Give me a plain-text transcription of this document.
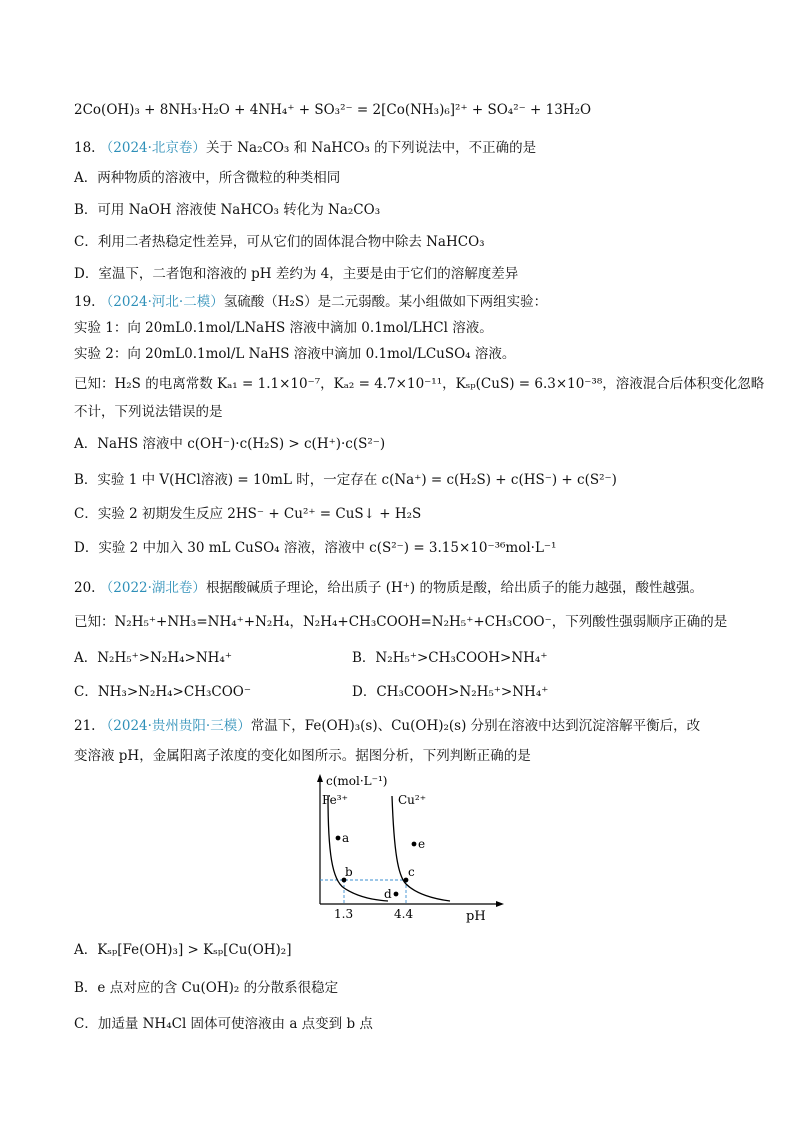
2Co(OH)₃ + 8NH₃·H₂O + 4NH₄⁺ + SO₃²⁻ = 2[Co(NH₃)₆]²⁺ + SO₄²⁻ + 13H₂O
18. （2024·北京卷）关于 Na₂CO₃ 和 NaHCO₃ 的下列说法中，不正确的是
A．两种物质的溶液中，所含微粒的种类相同
B．可用 NaOH 溶液使 NaHCO₃ 转化为 Na₂CO₃
C．利用二者热稳定性差异，可从它们的固体混合物中除去 NaHCO₃
D．室温下，二者饱和溶液的 pH 差约为 4，主要是由于它们的溶解度差异
19. （2024·河北·二模）氢硫酸（H₂S）是二元弱酸。某小组做如下两组实验：
实验 1：向 20mL0.1mol/LNaHS 溶液中滴加 0.1mol/LHCl 溶液。
实验 2：向 20mL0.1mol/L NaHS 溶液中滴加 0.1mol/LCuSO₄ 溶液。
已知：H₂S 的电离常数 Kₐ₁ = 1.1×10⁻⁷，Kₐ₂ = 4.7×10⁻¹¹，Kₛₚ(CuS) = 6.3×10⁻³⁸，溶液混合后体积变化忽略
不计，下列说法错误的是
A．NaHS 溶液中 c(OH⁻)·c(H₂S) > c(H⁺)·c(S²⁻)
B．实验 1 中 V(HCl溶液) = 10mL 时，一定存在 c(Na⁺) = c(H₂S) + c(HS⁻) + c(S²⁻)
C．实验 2 初期发生反应 2HS⁻ + Cu²⁺ = CuS↓ + H₂S
D．实验 2 中加入 30 mL CuSO₄ 溶液，溶液中 c(S²⁻) = 3.15×10⁻³⁶mol·L⁻¹
20. （2022·湖北卷）根据酸碱质子理论，给出质子 (H⁺) 的物质是酸，给出质子的能力越强，酸性越强。
已知：N₂H₅⁺+NH₃=NH₄⁺+N₂H₄，N₂H₄+CH₃COOH=N₂H₅⁺+CH₃COO⁻，下列酸性强弱顺序正确的是
A．N₂H₅⁺>N₂H₄>NH₄⁺	B．N₂H₅⁺>CH₃COOH>NH₄⁺
C．NH₃>N₂H₄>CH₃COO⁻	D．CH₃COOH>N₂H₅⁺>NH₄⁺
21. （2024·贵州贵阳·三模）常温下，Fe(OH)₃(s)、Cu(OH)₂(s) 分别在溶液中达到沉淀溶解平衡后，改
变溶液 pH，金属阳离子浓度的变化如图所示。据图分析，下列判断正确的是
c(mol·L⁻¹)
Fe³⁺	Cu²⁺
a
b	c
d
e
1.3	4.4	pH
A．Kₛₚ[Fe(OH)₃] > Kₛₚ[Cu(OH)₂]
B．e 点对应的含 Cu(OH)₂ 的分散系很稳定
C．加适量 NH₄Cl 固体可使溶液由 a 点变到 b 点
